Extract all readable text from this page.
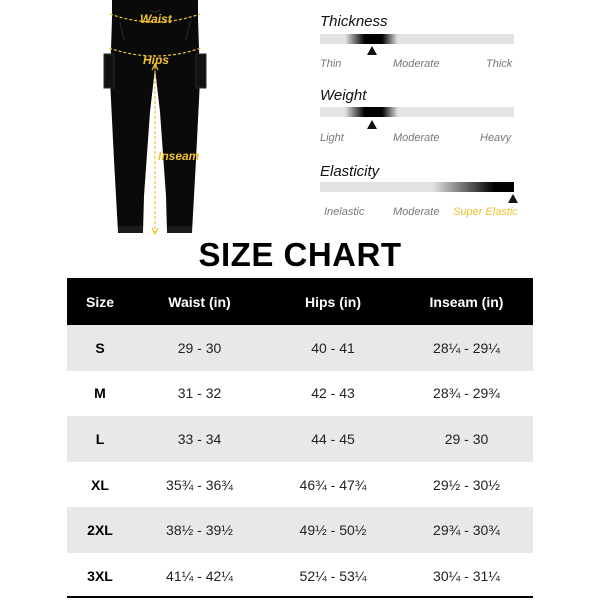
Waist
Hips
Inseam
Thickness
Thin	Moderate	Thick
Weight
Light	Moderate	Heavy
Elasticity
Inelastic	Moderate Super Elastic
SIZE CHART
Size	Waist (in)	Hips (in)	Inseam (in)
S	29 - 30	40 - 41	28¼ - 29¼
M	31 - 32	42 - 43	28¾ - 29¾
L	33 - 34	44 - 45	29 - 30
XL	35¾ - 36¾	46¾ - 47¾	29½ - 30½
2XL	38½ - 39½	49½ - 50½	29¾ - 30¾
3XL	41¼ - 42¼	52¼ - 53¼	30¼ - 31¼
